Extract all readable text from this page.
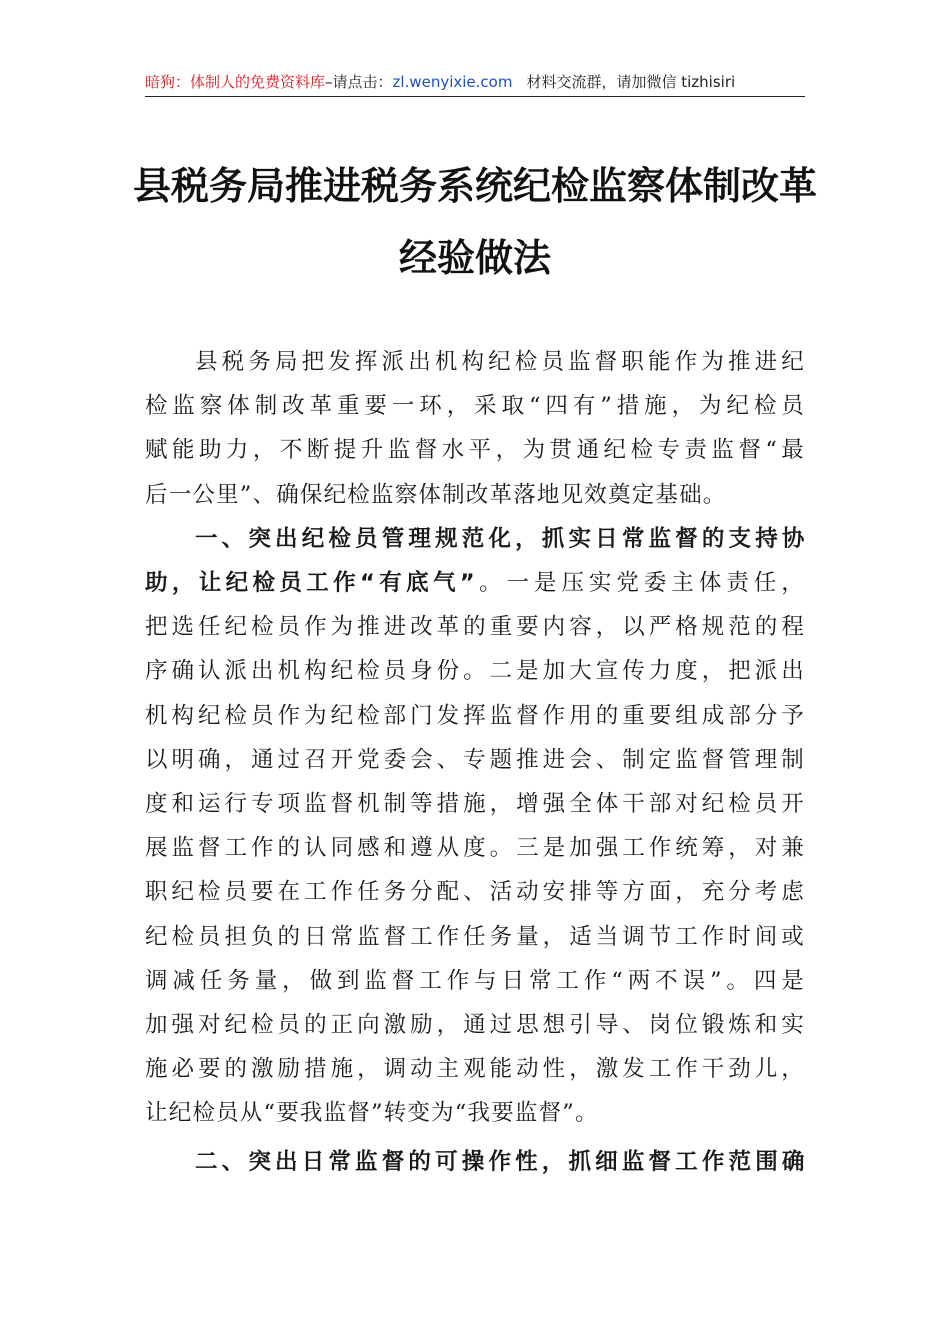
暗狗：体制人的免费资料库–请点击：zl.wenyixie.com 材料交流群，请加微信 tizhisiri
县税务局推进税务系统纪检监察体制改革
经验做法
县税务局把发挥派出机构纪检员监督职能作为推进纪
检监察体制改革重要一环，采取“四有”措施，为纪检员
赋能助力，不断提升监督水平，为贯通纪检专责监督“最
后一公里”、确保纪检监察体制改革落地见效奠定基础。
一、突出纪检员管理规范化，抓实日常监督的支持协
助，让纪检员工作“有底气”。一是压实党委主体责任，
把选任纪检员作为推进改革的重要内容，以严格规范的程
序确认派出机构纪检员身份。二是加大宣传力度，把派出
机构纪检员作为纪检部门发挥监督作用的重要组成部分予
以明确，通过召开党委会、专题推进会、制定监督管理制
度和运行专项监督机制等措施，增强全体干部对纪检员开
展监督工作的认同感和遵从度。三是加强工作统筹，对兼
职纪检员要在工作任务分配、活动安排等方面，充分考虑
纪检员担负的日常监督工作任务量，适当调节工作时间或
调减任务量，做到监督工作与日常工作“两不误”。四是
加强对纪检员的正向激励，通过思想引导、岗位锻炼和实
施必要的激励措施，调动主观能动性，激发工作干劲儿，
让纪检员从“要我监督”转变为“我要监督”。
二、突出日常监督的可操作性，抓细监督工作范围确
